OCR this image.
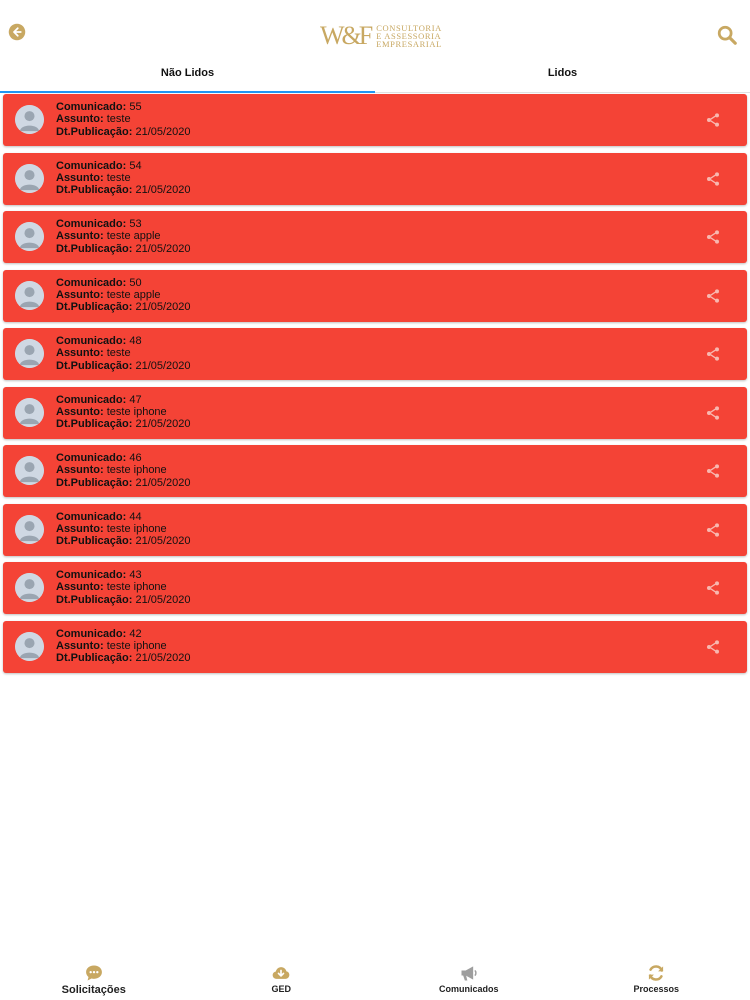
W&F CONSULTORIA
E ASSESSORIA
EMPRESARIAL
Não Lidos	Lidos
Comunicado: 55
Assunto: teste
Dt.Publicação: 21/05/2020
Comunicado: 54
Assunto: teste
Dt.Publicação: 21/05/2020
Comunicado: 53
Assunto: teste apple
Dt.Publicação: 21/05/2020
Comunicado: 50
Assunto: teste apple
Dt.Publicação: 21/05/2020
Comunicado: 48
Assunto: teste
Dt.Publicação: 21/05/2020
Comunicado: 47
Assunto: teste iphone
Dt.Publicação: 21/05/2020
Comunicado: 46
Assunto: teste iphone
Dt.Publicação: 21/05/2020
Comunicado: 44
Assunto: teste iphone
Dt.Publicação: 21/05/2020
Comunicado: 43
Assunto: teste iphone
Dt.Publicação: 21/05/2020
Comunicado: 42
Assunto: teste iphone
Dt.Publicação: 21/05/2020
Solicitações	GED	Comunicados	Processos
